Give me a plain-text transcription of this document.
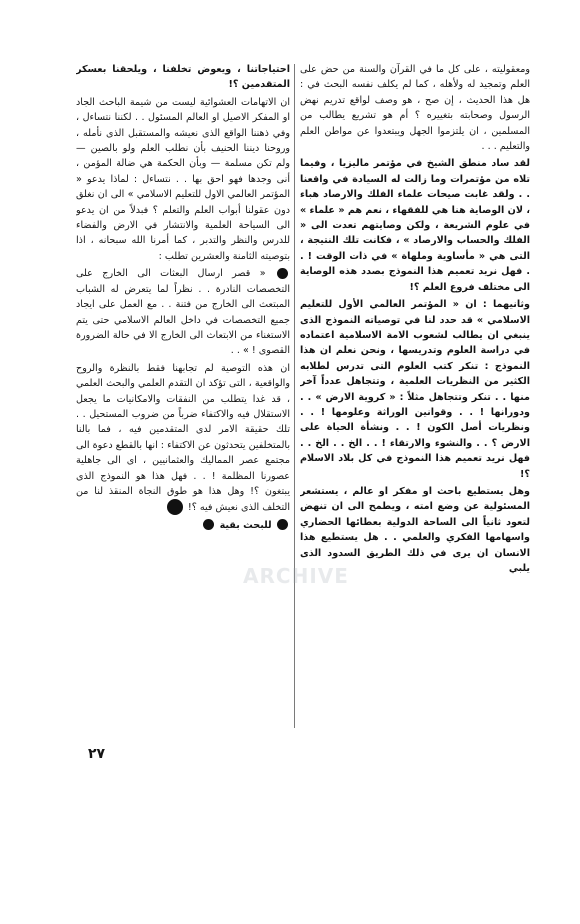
ومعقوليته ، على كل ما في القرآن والسنة من حض على العلم وتمجيد له ولأهله ، كما لم يكلف نفسه البحث في : هل هذا الحديث ، إن صح ، هو وصف لواقع تدريم نهض الرسول وصحابته بتغييره ؟ أم هو تشريع يطالب من المسلمين ، ان يلتزموا الجهل ويبتعدوا عن مواطن العلم والتعليم . . .

لقد ساد منطق الشيخ في مؤتمر ماليزيا ، وفيما تلاه من مؤتمرات وما زالت له السيادة في واقعنا . . ولقد غابت صيحات علماء الفلك والارصاد هباء ، لان الوصاية هنا هي للفقهاء ، نعم هم « علماء » في علوم الشريعة ، ولكن وصايتهم تعدت الى « الفلك والحساب والارصاد » ، فكانت تلك النتيجة ، التى هي « مأساوية وملهاة » في ذات الوقت ! . . فهل نريد تعميم هذا النموذج بصدد هذه الوصاية الى مختلف فروع العلم ؟!

وثانيهما : ان « المؤتمر العالمي الأول للتعليم الاسلامي » قد حدد لنا في توصياته النموذج الذى ينبغي ان يطالب لشعوب الامة الاسلامية اعتماده في دراسة العلوم وتدريسها ، ونحن نعلم ان هذا النموذج : تنكر كتب العلوم التى تدرس لطلابه الكثير من النظريات العلمية ، وتتجاهل عدداً آخر منها . . تنكر وتتجاهل مثلاً : « كروية الارض » . . ودورانها ! . . وقوانين الوراثة وعلومها ! . . ونظريات أصل الكون ! . . ونشأة الحياة على الارض ؟ . . والنشوء والارتقاء ! . . الخ . . الخ . . فهل نريد تعميم هذا النموذج في كل بلاد الاسلام ؟!

وهل يستطيع باحث او مفكر او عالم ، يستشعر المسئولية عن وضع امته ، ويطمح الى ان تنهض لتعود ثانياً الى الساحة الدولية بعطائها الحضاري واسهامها الفكري والعلمي . . هل يستطيع هذا الانسان ان يرى في ذلك الطريق السدود الذى يلبي

احتياجاتنا ، ويعوض تخلفنا ، ويلحقنا بعسكر المتقدمين ؟!

ان الاتهامات العشوائية ليست من شيمة الباحث الجاد او المفكر الاصيل او العالم المسئول . . لكننا نتساءل ، وفي ذهننا الواقع الذى نعيشه والمستقبل الذى نأمله ، وروحنا ديننا الحنيف بأن نطلب العلم ولو بالصين — ولم تكن مسلمة — وبأن الحكمة هي ضالة المؤمن ، أنى وجدها فهو احق بها . . نتساءل : لماذا يدعو « المؤتمر العالمي الاول للتعليم الاسلامي » الى ان نغلق دون عقولنا أبواب العلم والتعلم ؟ فبدلاً من ان يدعو الى السياحة العلمية والانتشار في الارض والفضاء للدرس والنظر والتدبر ، كما أمرنا الله سبحانه ، اذا بتوصيته الثامنة والعشرين تطلب :

« قصر ارسال البعثات الى الخارج على التخصصات النادرة . . نظراً لما يتعرض له الشباب المبتعث الى الخارج من فتنة . . مع العمل على ايجاد جميع التخصصات في داخل العالم الاسلامي حتى يتم الاستغناء من الابتعاث الى الخارج الا في حالة الضرورة القصوى ! » . .

ان هذه التوصية لم تجابهنا فقط بالنظرة والروح والواقعية ، التى تؤكد ان التقدم العلمي والبحث العلمي ، قد غدا يتطلب من النفقات والامكانيات ما يجعل الاستقلال فيه والاكتفاء ضرباً من ضروب المستحيل . . تلك حقيقة الامر لدى المتقدمين فيه ، فما بالنا بالمتخلفين يتحدثون عن الاكتفاء : انها بالقطع دعوة الى مجتمع عصر المماليك والعثمانيين ، اى الى جاهلية عصورنا المظلمة ! . . فهل هذا هو النموذج الذى يبتغون ؟! وهل هذا هو طوق النجاة المنقذ لنا من التخلف الذى نعيش فيه ؟!

للبحث بقية

ARCHIVE
٢٧
